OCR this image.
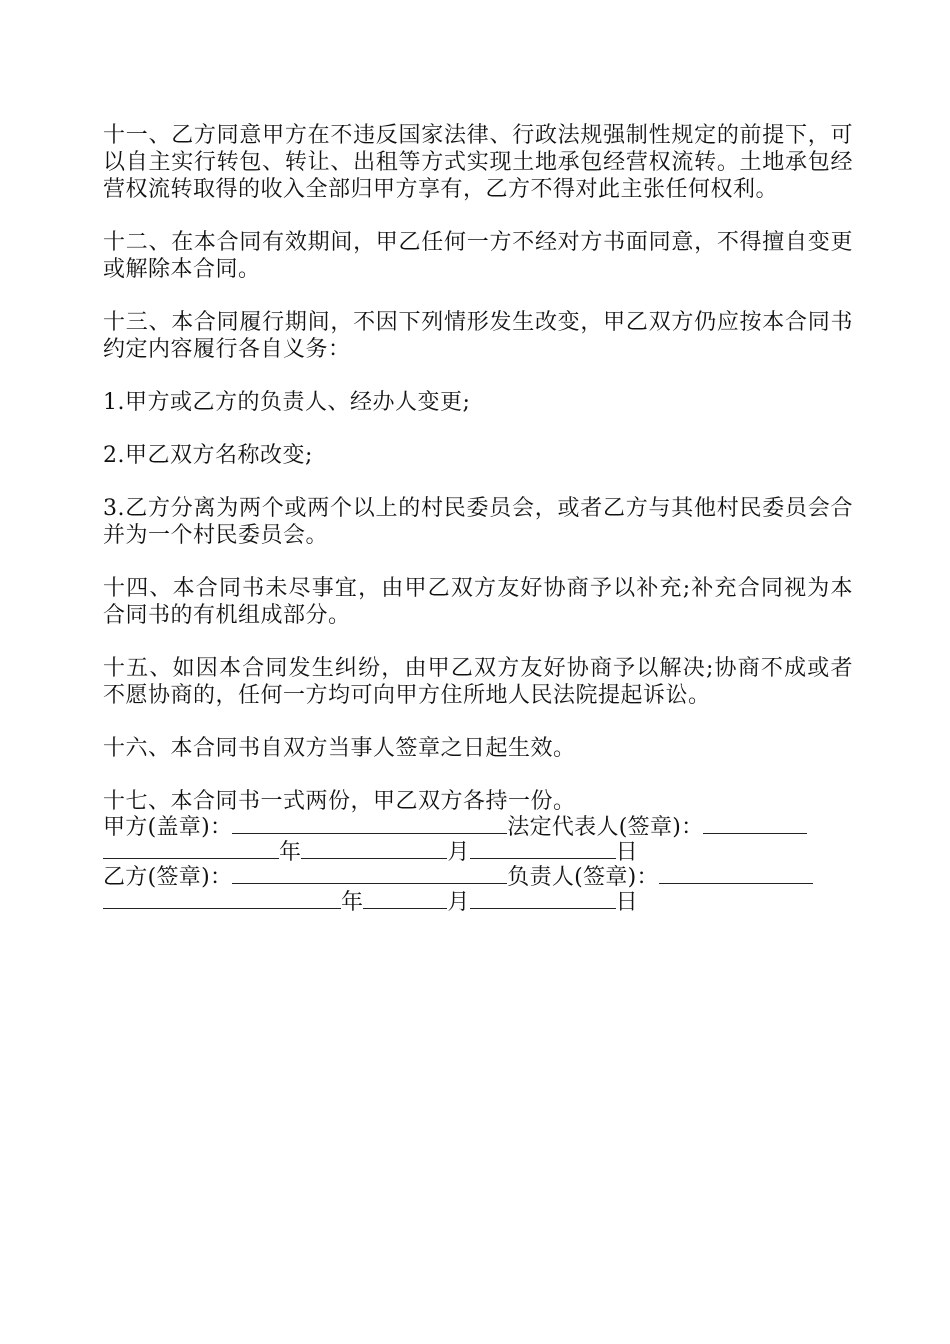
十一、乙方同意甲方在不违反国家法律、行政法规强制性规定的前提下，可以自主实行转包、转让、出租等方式实现土地承包经营权流转。土地承包经营权流转取得的收入全部归甲方享有，乙方不得对此主张任何权利。

十二、在本合同有效期间，甲乙任何一方不经对方书面同意，不得擅自变更或解除本合同。

十三、本合同履行期间，不因下列情形发生改变，甲乙双方仍应按本合同书约定内容履行各自义务：

1.甲方或乙方的负责人、经办人变更;

2.甲乙双方名称改变;

3.乙方分离为两个或两个以上的村民委员会，或者乙方与其他村民委员会合并为一个村民委员会。

十四、本合同书未尽事宜，由甲乙双方友好协商予以补充;补充合同视为本合同书的有机组成部分。

十五、如因本合同发生纠纷，由甲乙双方友好协商予以解决;协商不成或者不愿协商的，任何一方均可向甲方住所地人民法院提起诉讼。

十六、本合同书自双方当事人签章之日起生效。

十七、本合同书一式两份，甲乙双方各持一份。

甲方(盖章)：	法定代表人(签章)：
年	月	日
乙方(签章)：	负责人(签章)：
年	月	日
